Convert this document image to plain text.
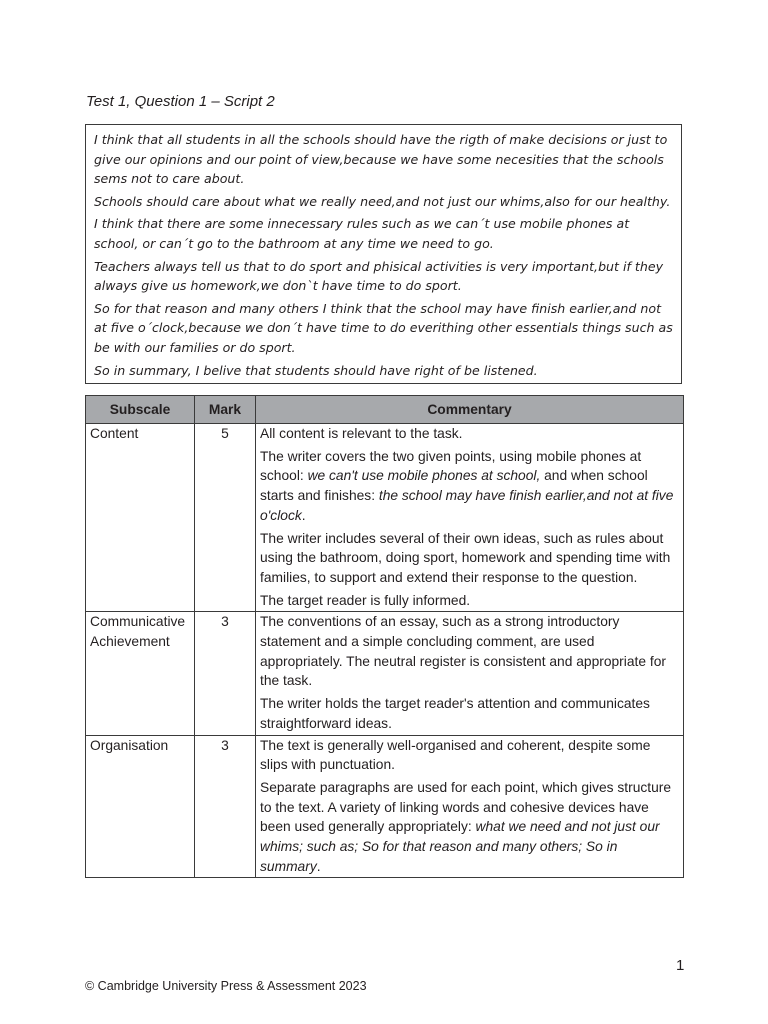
Test 1, Question 1 – Script 2

I think that all students in all the schools should have the rigth of make decisions or just to give our opinions and our point of view,because we have some necesities that the schools sems not to care about.

Schools should care about what we really need,and not just our whims,also for our healthy.

I think that there are some innecessary rules such as we can´t use mobile phones at school, or can´t go to the bathroom at any time we need to go.

Teachers always tell us that to do sport and phisical activities is very important,but if they always give us homework,we don`t have time to do sport.

So for that reason and many others I think that the school may have finish earlier,and not at five o´clock,because we don´t have time to do everithing other essentials things such as be with our families or do sport.

So in summary, I belive that students should have right of be listened.

Subscale	Mark	Commentary
Content	5	All content is relevant to the task.

The writer covers the two given points, using mobile phones at school: we can't use mobile phones at school, and when school starts and finishes: the school may have finish earlier,and not at five o'clock.

The writer includes several of their own ideas, such as rules about using the bathroom, doing sport, homework and spending time with families, to support and extend their response to the question.

The target reader is fully informed.

Communicative Achievement	3	The conventions of an essay, such as a strong introductory statement and a simple concluding comment, are used appropriately. The neutral register is consistent and appropriate for the task.

The writer holds the target reader's attention and communicates straightforward ideas.

Organisation	3	The text is generally well-organised and coherent, despite some slips with punctuation.

Separate paragraphs are used for each point, which gives structure to the text. A variety of linking words and cohesive devices have been used generally appropriately: what we need and not just our whims; such as; So for that reason and many others; So in summary.

1
© Cambridge University Press & Assessment 2023
